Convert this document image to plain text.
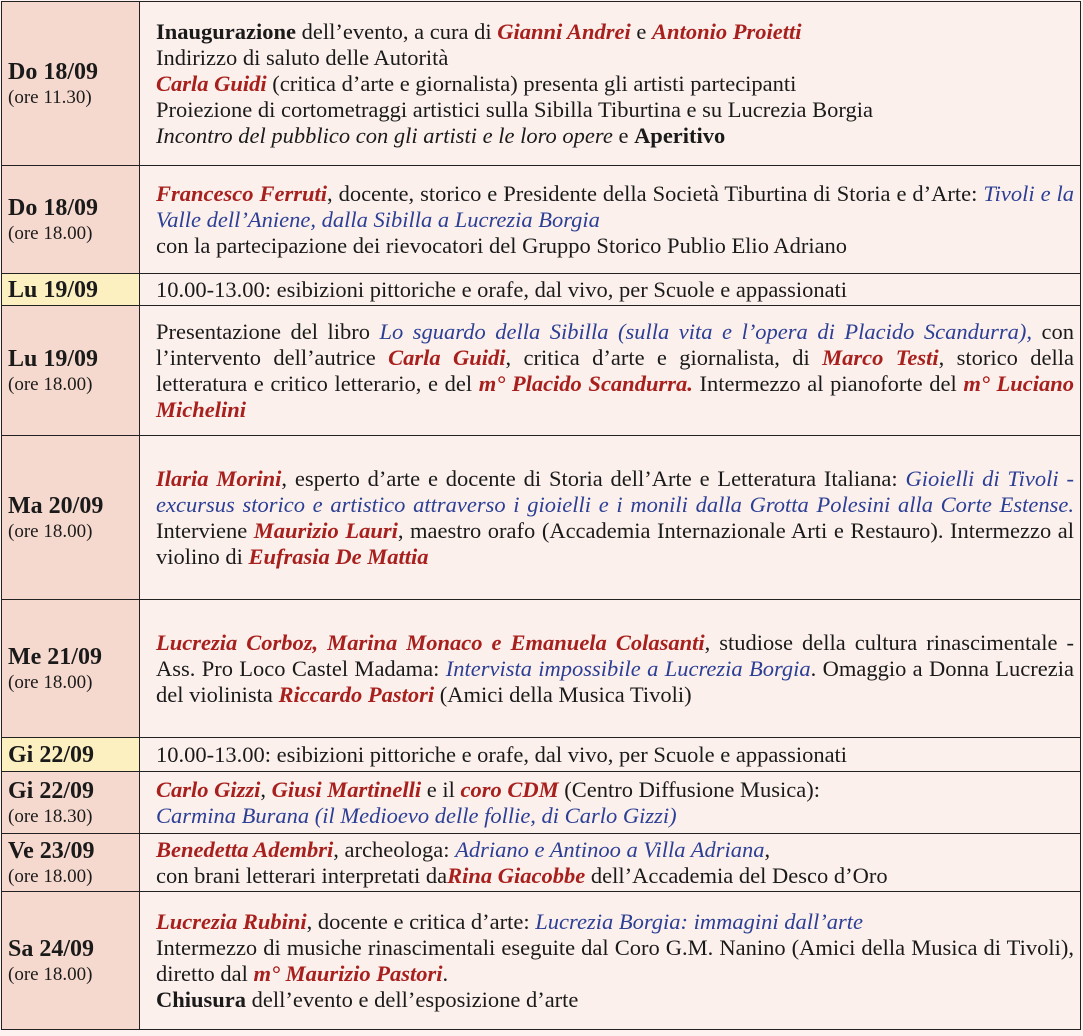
Do 18/09
(ore 11.30)	Inaugurazione dell’evento, a cura di Gianni Andrei e Antonio Proietti
Indirizzo di saluto delle Autorità
Carla Guidi (critica d’arte e giornalista) presenta gli artisti partecipanti
Proiezione di cortometraggi artistici sulla Sibilla Tiburtina e su Lucrezia Borgia
Incontro del pubblico con gli artisti e le loro opere e Aperitivo

Do 18/09
(ore 18.00)	Francesco Ferruti, docente, storico e Presidente della Società Tiburtina di Storia e d’Arte: Tivoli e la Valle dell’Aniene, dalla Sibilla a Lucrezia Borgia
con la partecipazione dei rievocatori del Gruppo Storico Publio Elio Adriano

Lu 19/09	10.00-13.00: esibizioni pittoriche e orafe, dal vivo, per Scuole e appassionati

Lu 19/09
(ore 18.00)	Presentazione del libro Lo sguardo della Sibilla (sulla vita e l’opera di Placido Scandurra), con l’intervento dell’autrice Carla Guidi, critica d’arte e giornalista, di Marco Testi, storico della letteratura e critico letterario, e del m° Placido Scandurra. Intermezzo al pianoforte del m° Luciano Michelini

Ma 20/09
(ore 18.00)	Ilaria Morini, esperto d’arte e docente di Storia dell’Arte e Letteratura Italiana: Gioielli di Tivoli - excursus storico e artistico attraverso i gioielli e i monili dalla Grotta Polesini alla Corte Estense. Interviene Maurizio Lauri, maestro orafo (Accademia Internazionale Arti e Restauro). Intermezzo al violino di Eufrasia De Mattia

Me 21/09
(ore 18.00)	Lucrezia Corboz, Marina Monaco e Emanuela Colasanti, studiose della cultura rinascimentale - Ass. Pro Loco Castel Madama: Intervista impossibile a Lucrezia Borgia. Omaggio a Donna Lucrezia del violinista Riccardo Pastori (Amici della Musica Tivoli)

Gi 22/09	10.00-13.00: esibizioni pittoriche e orafe, dal vivo, per Scuole e appassionati

Gi 22/09
(ore 18.30)	Carlo Gizzi, Giusi Martinelli e il coro CDM (Centro Diffusione Musica):
Carmina Burana (il Medioevo delle follie, di Carlo Gizzi)

Ve 23/09
(ore 18.00)	Benedetta Adembri, archeologa: Adriano e Antinoo a Villa Adriana,
con brani letterari interpretati daRina Giacobbe dell’Accademia del Desco d’Oro

Sa 24/09
(ore 18.00)	Lucrezia Rubini, docente e critica d’arte: Lucrezia Borgia: immagini dall’arte
Intermezzo di musiche rinascimentali eseguite dal Coro G.M. Nanino (Amici della Musica di Tivoli), diretto dal m° Maurizio Pastori.
Chiusura dell’evento e dell’esposizione d’arte
